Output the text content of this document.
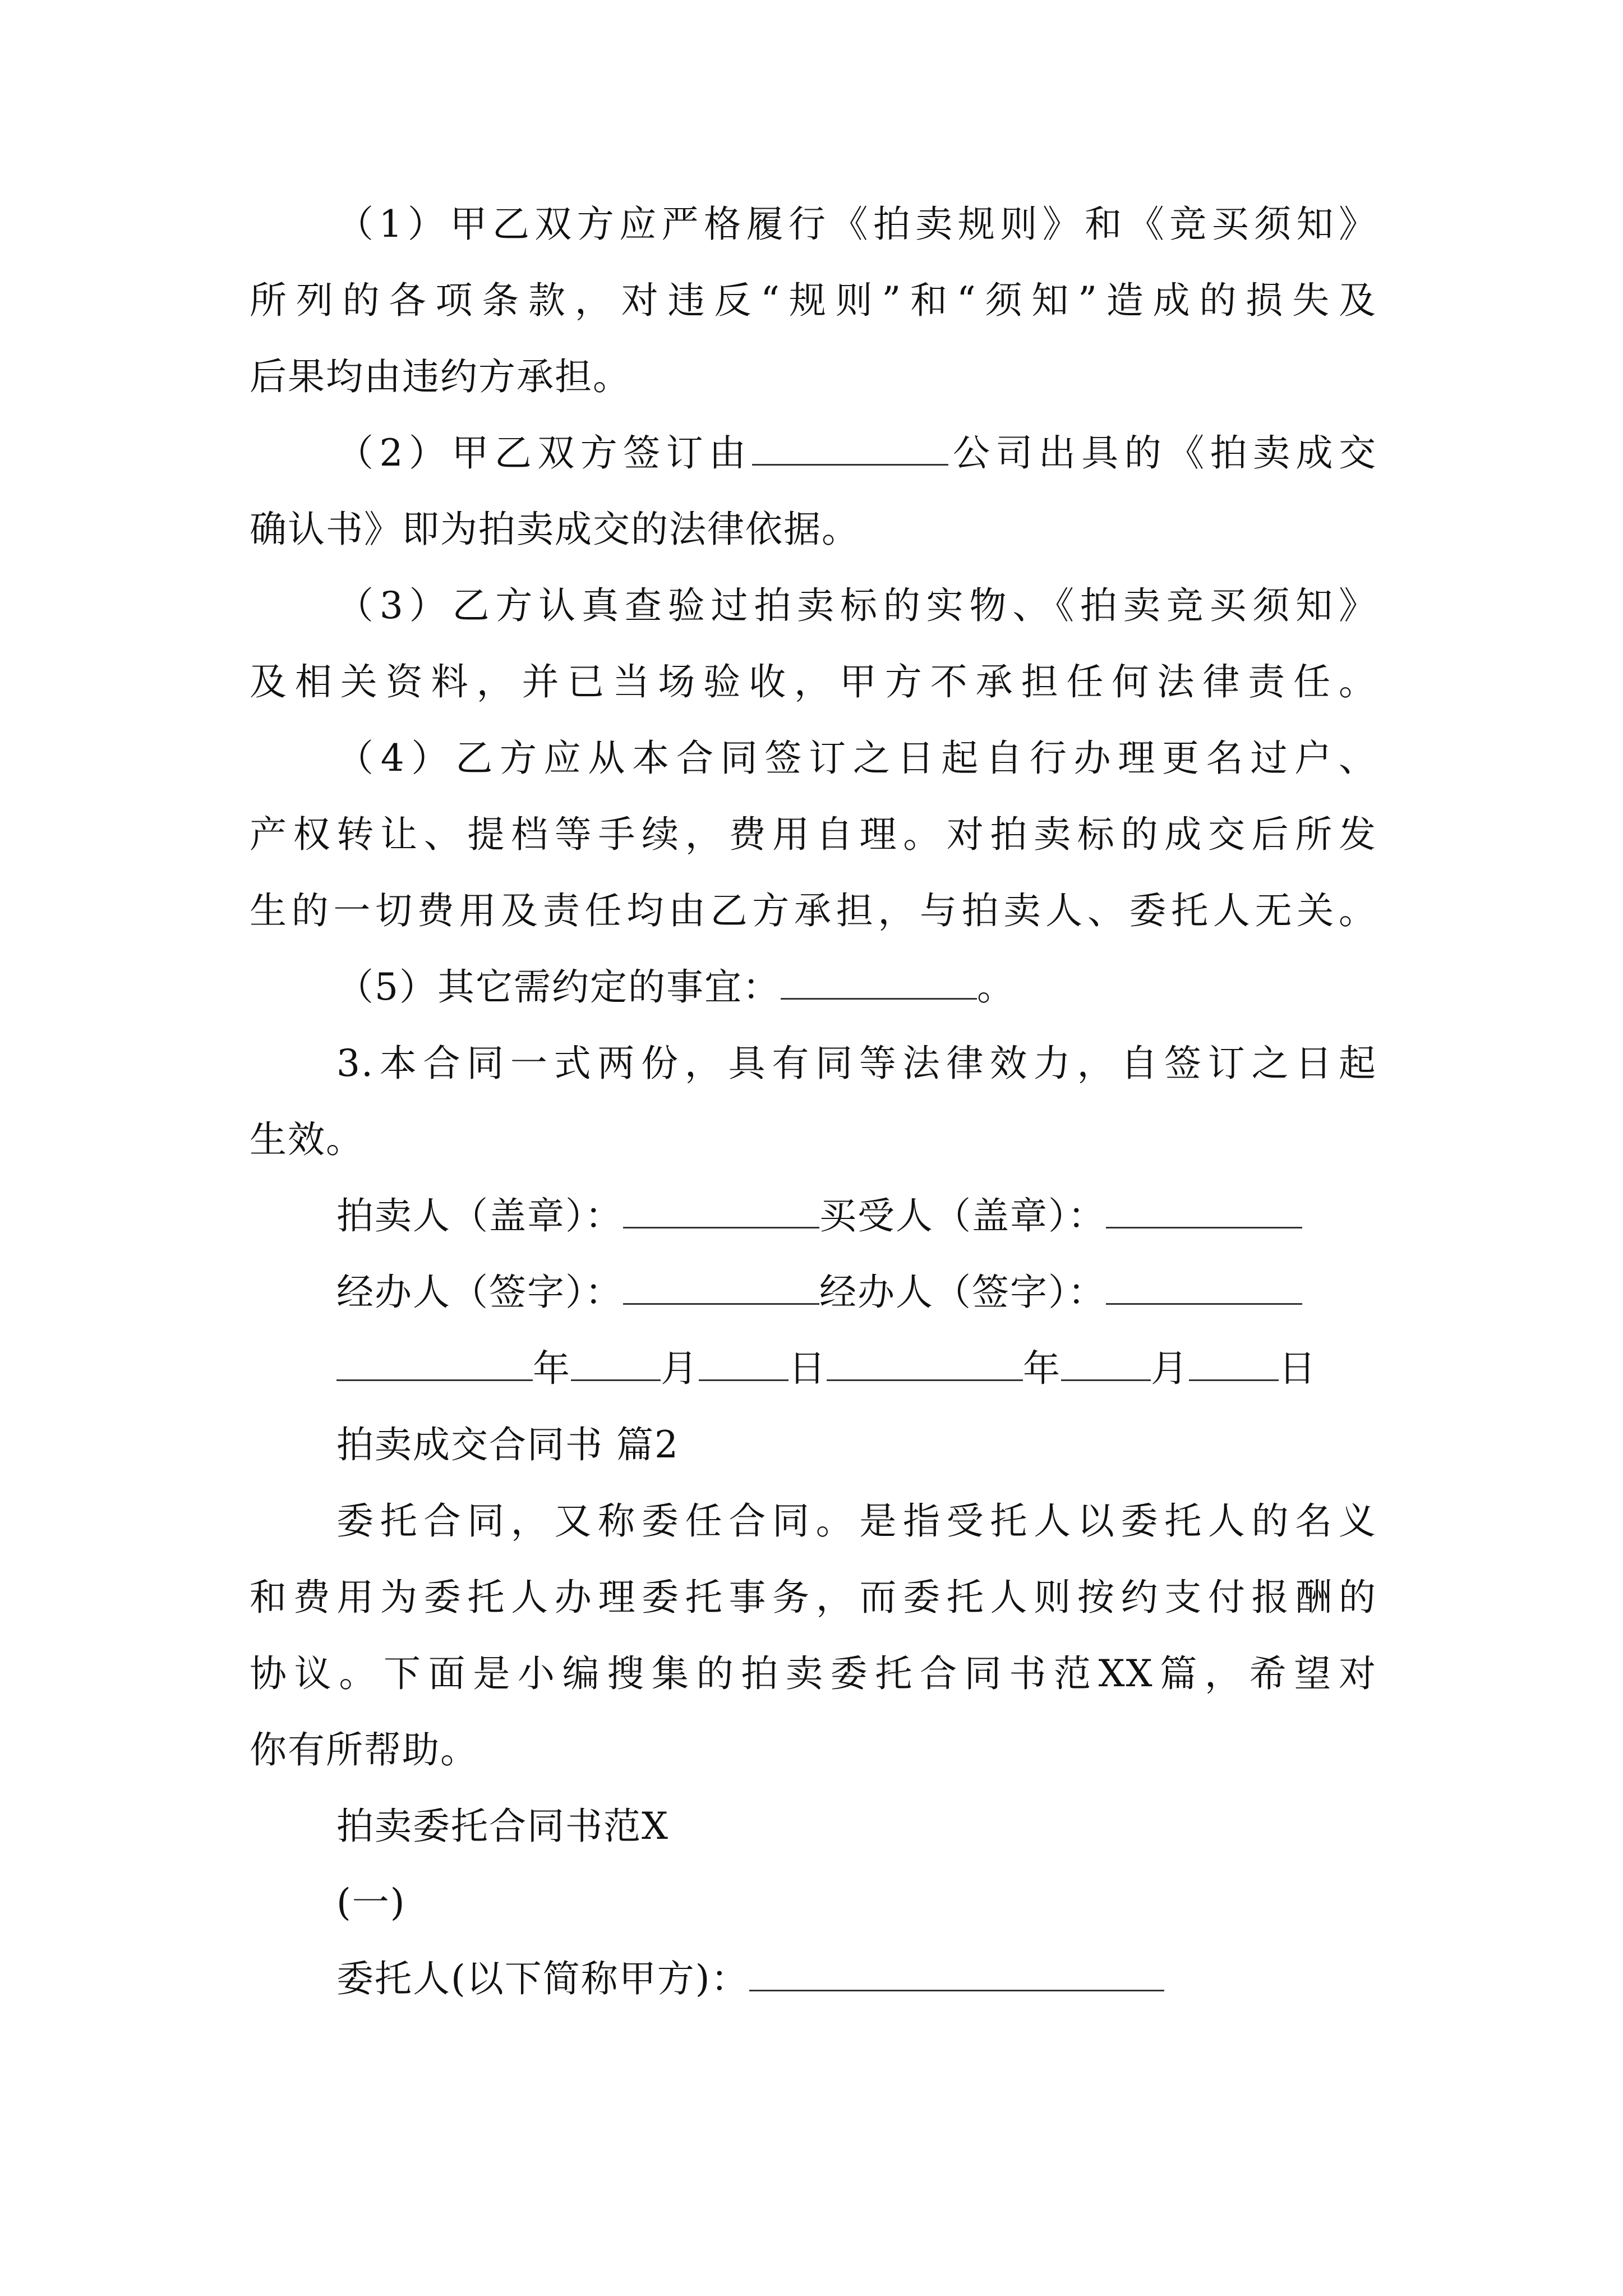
（1）甲乙双方应严格履行《拍卖规则》和《竞买须知》
所列的各项条款，对违反“规则”和“须知”造成的损失及
后果均由违约方承担。
（2）甲乙双方签订由	公司出具的《拍卖成交
确认书》即为拍卖成交的法律依据。
（3）乙方认真查验过拍卖标的实物、《拍卖竞买须知》
及相关资料，并已当场验收，甲方不承担任何法律责任。
（4）乙方应从本合同签订之日起自行办理更名过户、
产权转让、提档等手续，费用自理。对拍卖标的成交后所发
生的一切费用及责任均由乙方承担，与拍卖人、委托人无关。
（5）其它需约定的事宜：	。
3.本合同一式两份，具有同等法律效力，自签订之日起
生效。
拍卖人（盖章）：	买受人（盖章）：
经办人（签字）：	经办人（签字）：
年 月 日	年 月 日
拍卖成交合同书 篇2
委托合同，又称委任合同。是指受托人以委托人的名义
和费用为委托人办理委托事务，而委托人则按约支付报酬的
协议。下面是小编搜集的拍卖委托合同书范XX篇，希望对
你有所帮助。
拍卖委托合同书范X
(一)
委托人(以下简称甲方)：
